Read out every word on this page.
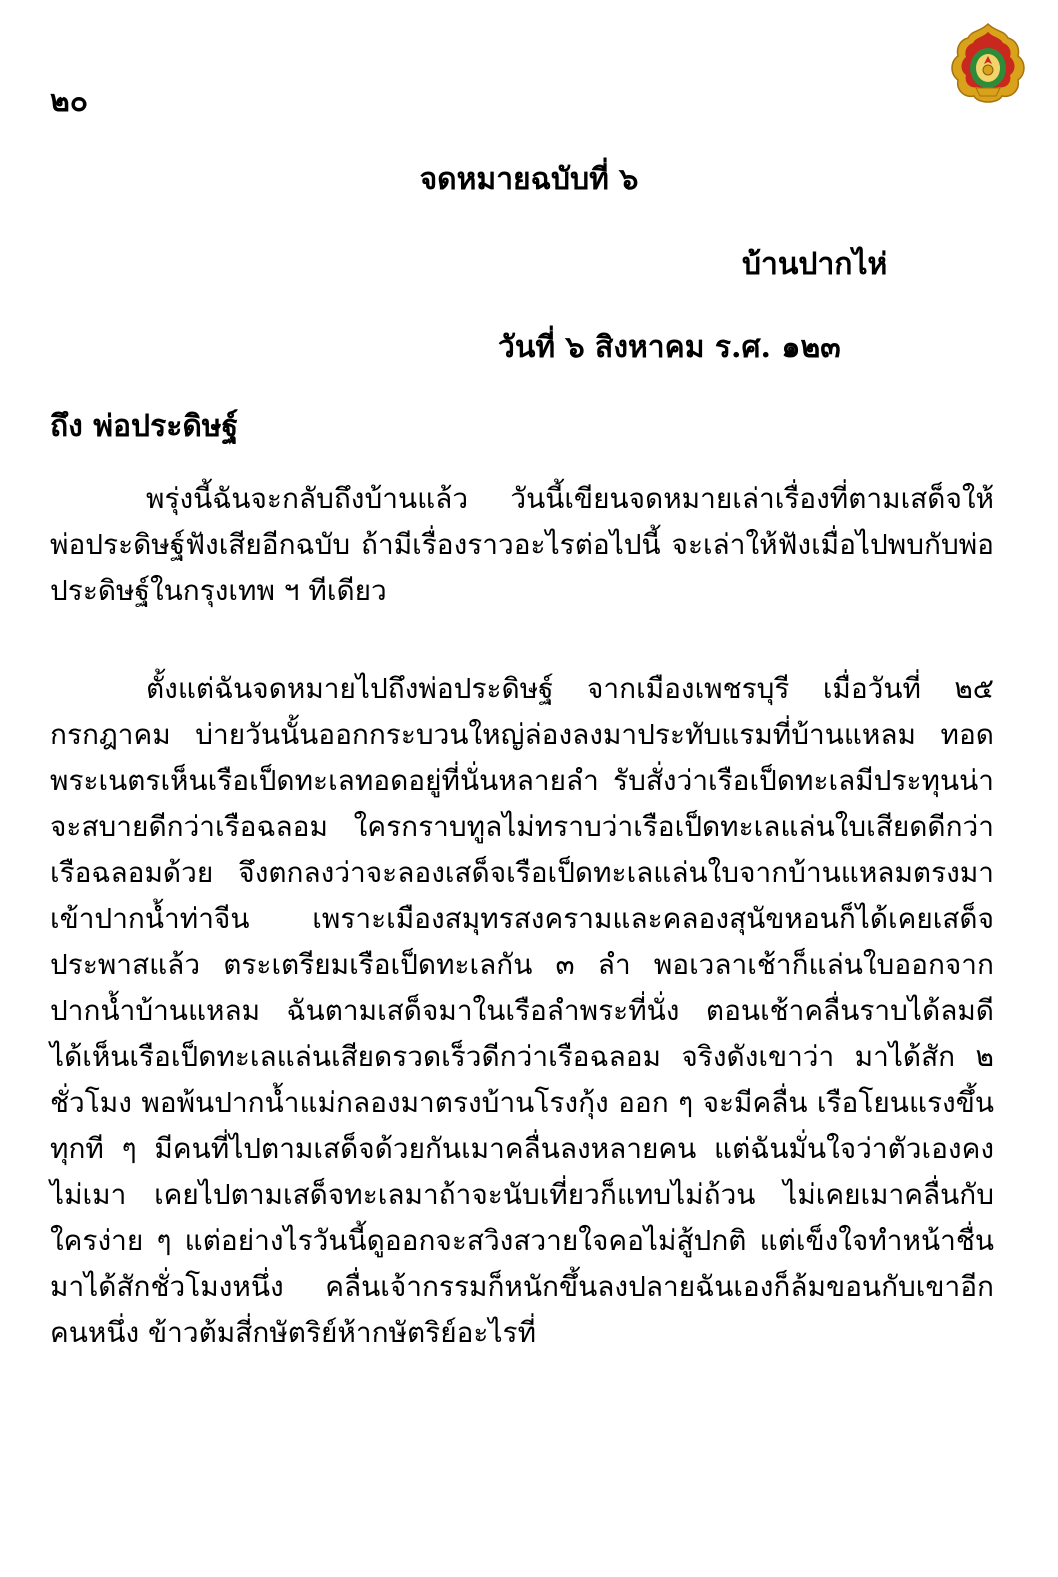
๒๐
จดหมายฉบับที่ ๖
บ้านปากไห่
วันที่ ๖ สิงหาคม ร.ศ. ๑๒๓
ถึง พ่อประดิษฐ์
พรุ่งนี้ฉันจะกลับถึงบ้านแล้ว วันนี้เขียนจดหมายเล่าเรื่องที่ตามเสด็จให้พ่อประดิษฐ์ฟังเสียอีกฉบับ ถ้ามีเรื่องราวอะไรต่อไปนี้ จะเล่าให้ฟังเมื่อไปพบกับพ่อประดิษฐ์ในกรุงเทพ ฯ ทีเดียว
ตั้งแต่ฉันจดหมายไปถึงพ่อประดิษฐ์ จากเมืองเพชรบุรี เมื่อวันที่ ๒๕ กรกฎาคม บ่ายวันนั้นออกกระบวนใหญ่ล่องลงมาประทับแรมที่บ้านแหลม ทอดพระเนตรเห็นเรือเป็ดทะเลทอดอยู่ที่นั่นหลายลำ รับสั่งว่าเรือเป็ดทะเลมีประทุนน่าจะสบายดีกว่าเรือฉลอม ใครกราบทูลไม่ทราบว่าเรือเป็ดทะเลแล่นใบเสียดดีกว่าเรือฉลอมด้วย จึงตกลงว่าจะลองเสด็จเรือเป็ดทะเลแล่นใบจากบ้านแหลมตรงมาเข้าปากน้ำท่าจีน เพราะเมืองสมุทรสงครามและคลองสุนัขหอนก็ได้เคยเสด็จประพาสแล้ว ตระเตรียมเรือเป็ดทะเลกัน ๓ ลำ พอเวลาเช้าก็แล่นใบออกจากปากน้ำบ้านแหลม ฉันตามเสด็จมาในเรือลำพระที่นั่ง ตอนเช้าคลื่นราบได้ลมดี ได้เห็นเรือเป็ดทะเลแล่นเสียดรวดเร็วดีกว่าเรือฉลอม จริงดังเขาว่า มาได้สัก ๒ ชั่วโมง พอพ้นปากน้ำแม่กลองมาตรงบ้านโรงกุ้ง ออก ๆ จะมีคลื่น เรือโยนแรงขึ้นทุกที ๆ มีคนที่ไปตามเสด็จด้วยกันเมาคลื่นลงหลายคน แต่ฉันมั่นใจว่าตัวเองคงไม่เมา เคยไปตามเสด็จทะเลมาถ้าจะนับเที่ยวก็แทบไม่ถ้วน ไม่เคยเมาคลื่นกับใครง่าย ๆ แต่อย่างไรวันนี้ดูออกจะสวิงสวายใจคอไม่สู้ปกติ แต่เข็งใจทำหน้าชื่นมาได้สักชั่วโมงหนึ่ง คลื่นเจ้ากรรมก็หนักขึ้นลงปลายฉันเองก็ล้มขอนกับเขาอีกคนหนึ่ง ข้าวต้มสี่กษัตริย์ห้ากษัตริย์อะไรที่
